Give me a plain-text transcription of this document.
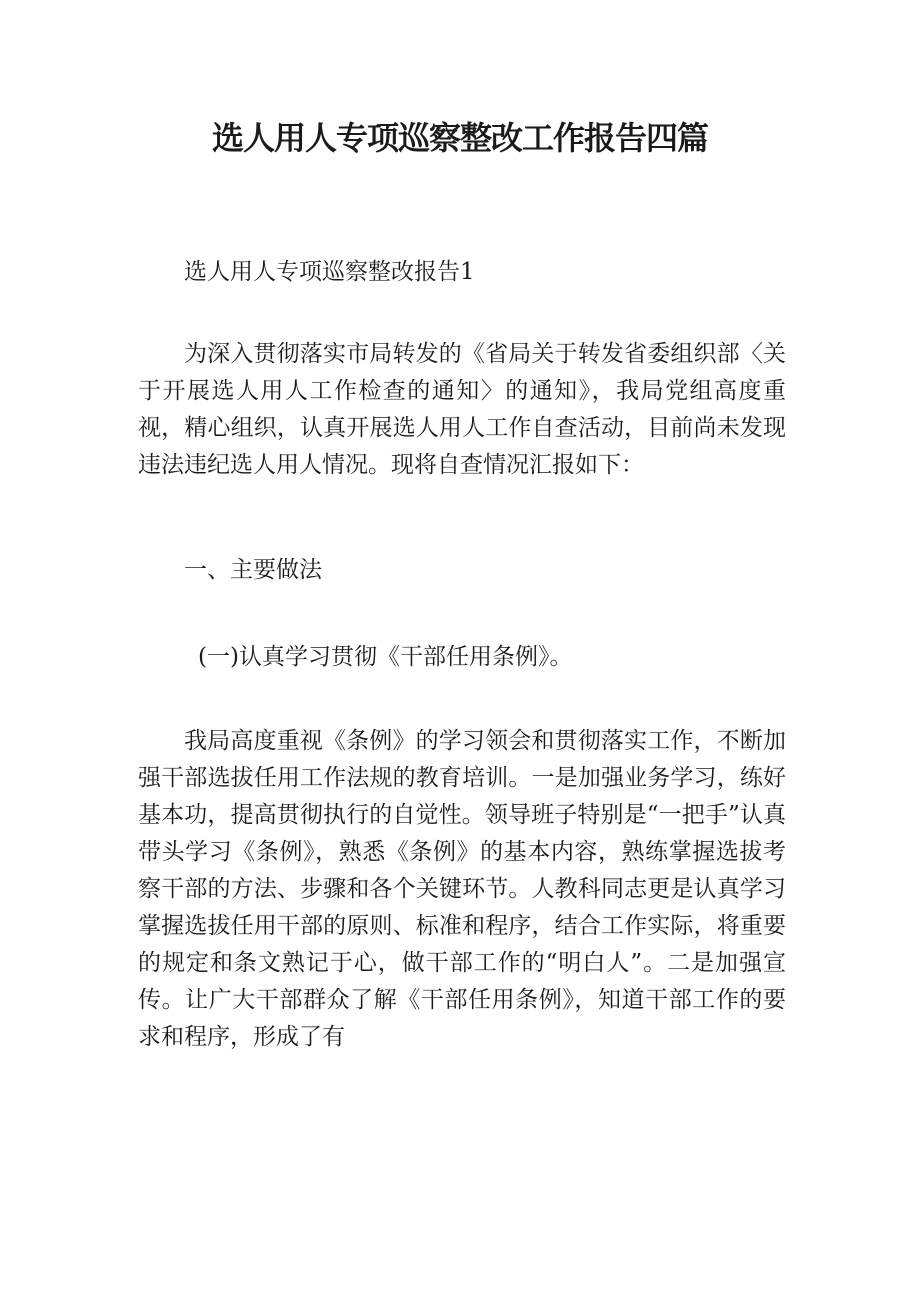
选人用人专项巡察整改工作报告四篇

选人用人专项巡察整改报告1

为深入贯彻落实市局转发的《省局关于转发省委组织部〈关于开展选人用人工作检查的通知〉的通知》，我局党组高度重视，精心组织，认真开展选人用人工作自查活动，目前尚未发现违法违纪选人用人情况。现将自查情况汇报如下：

一、主要做法

(一)认真学习贯彻《干部任用条例》。

我局高度重视《条例》的学习领会和贯彻落实工作，不断加强干部选拔任用工作法规的教育培训。一是加强业务学习，练好基本功，提高贯彻执行的自觉性。领导班子特别是“一把手”认真带头学习《条例》，熟悉《条例》的基本内容，熟练掌握选拔考察干部的方法、步骤和各个关键环节。人教科同志更是认真学习掌握选拔任用干部的原则、标准和程序，结合工作实际，将重要的规定和条文熟记于心，做干部工作的“明白人”。二是加强宣传。让广大干部群众了解《干部任用条例》，知道干部工作的要求和程序，形成了有
